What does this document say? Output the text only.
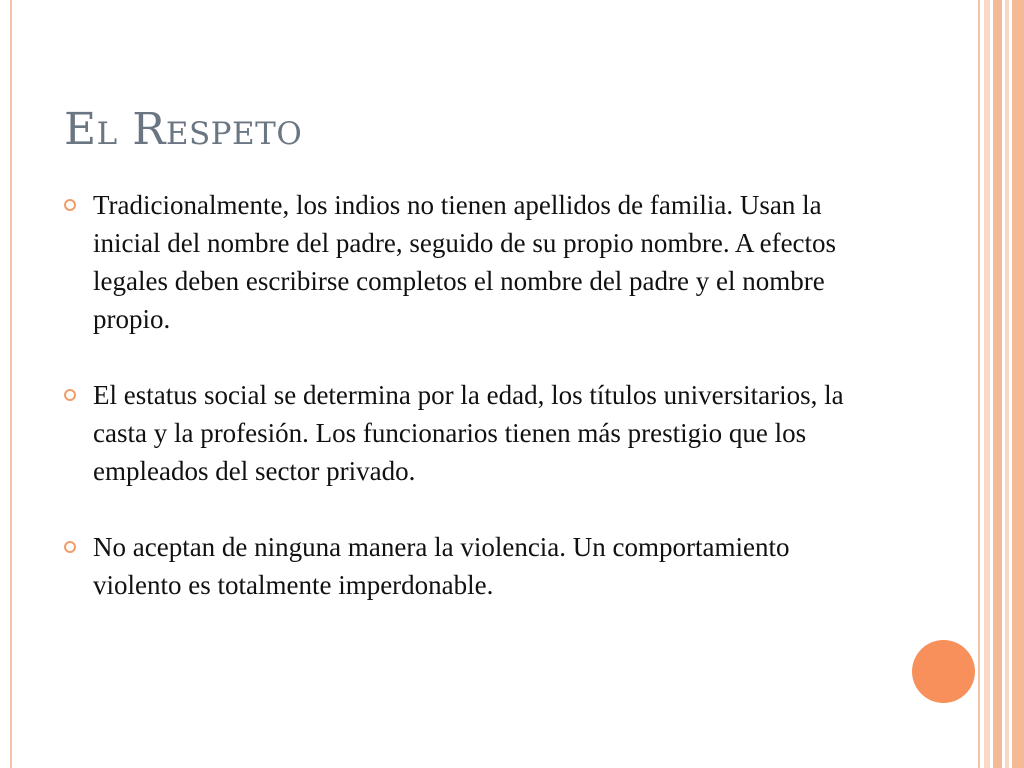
El Respeto
Tradicionalmente, los indios no tienen apellidos de familia. Usan la inicial del nombre del padre, seguido de su propio nombre. A efectos legales deben escribirse completos el nombre del padre y el nombre propio.
El estatus social se determina por la edad, los títulos universitarios, la casta y la profesión. Los funcionarios tienen más prestigio que los empleados del sector privado.
No aceptan de ninguna manera la violencia. Un comportamiento violento es totalmente imperdonable.
